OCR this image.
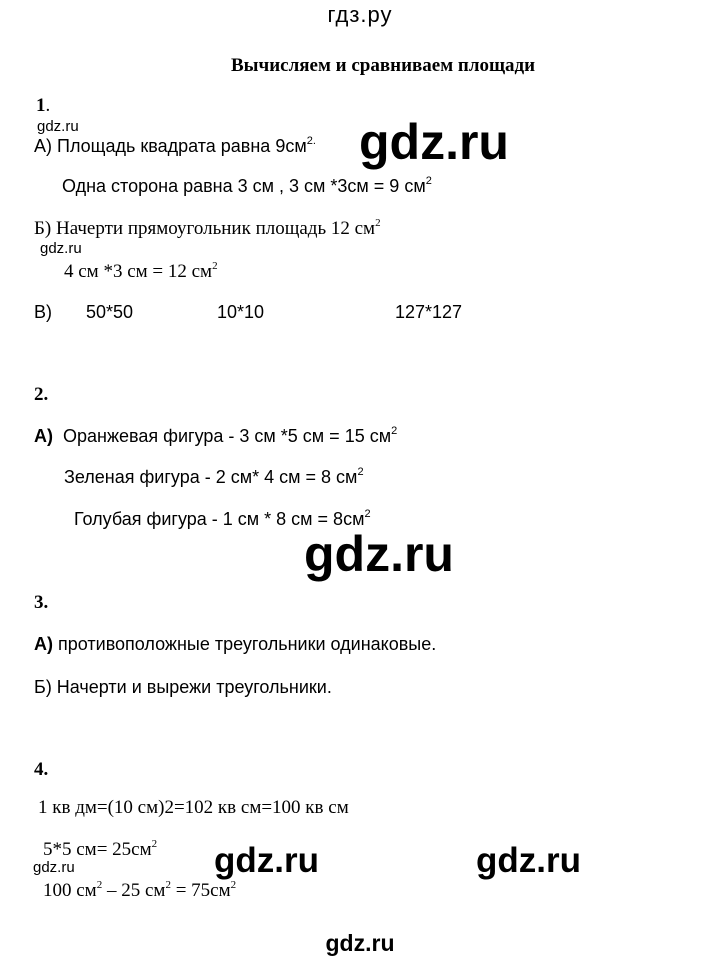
гдз.ру
Вычисляем и сравниваем площади
1.
gdz.ru
А) Площадь квадрата равна $9см^{2.}$ gdz.ru
Одна сторона равна 3 см , 3 см *3см = 9 $см^2$
Б) Начерти прямоугольник площадь 12 $см^2$
gdz.ru
4 см *3 см = 12 $см^2$
В) 50*50	10*10	127*127
2.
А) Оранжевая фигура - 3 см *5 см = 15 $см^2$
Зеленая фигура - 2 см* 4 см = 8 $см^2$
Голубая фигура - 1 см * 8 см = $8см^2$
gdz.ru
3.
А) противоположные треугольники одинаковые.
Б) Начерти и вырежи треугольники.
4.
1 кв дм=(10 см)2=102 кв см=100 кв см
5*5 $см= 25см^2$
gdz.ru	gdz.ru	gdz.ru
100 $см^2 - 25$ $см^2 = 75см^2$
gdz.ru
